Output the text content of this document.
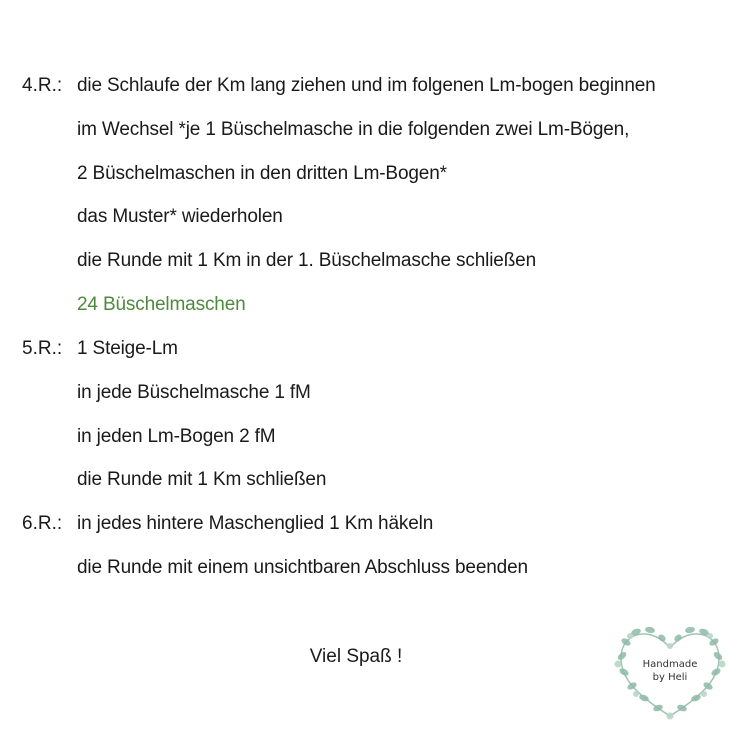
4.R.: die Schlaufe der Km lang ziehen und im folgenen Lm-bogen beginnen
im Wechsel *je 1 Büschelmasche in die folgenden zwei Lm-Bögen,
2 Büschelmaschen in den dritten Lm-Bogen*
das Muster* wiederholen
die Runde mit 1 Km in der 1. Büschelmasche schließen
24 Büschelmaschen
5.R.: 1 Steige-Lm
in jede Büschelmasche 1 fM
in jeden Lm-Bogen 2 fM
die Runde mit 1 Km schließen
6.R.: in jedes hintere Maschenglied 1 Km häkeln
die Runde mit einem unsichtbaren Abschluss beenden
Viel Spaß !	Handmade
by Heli
